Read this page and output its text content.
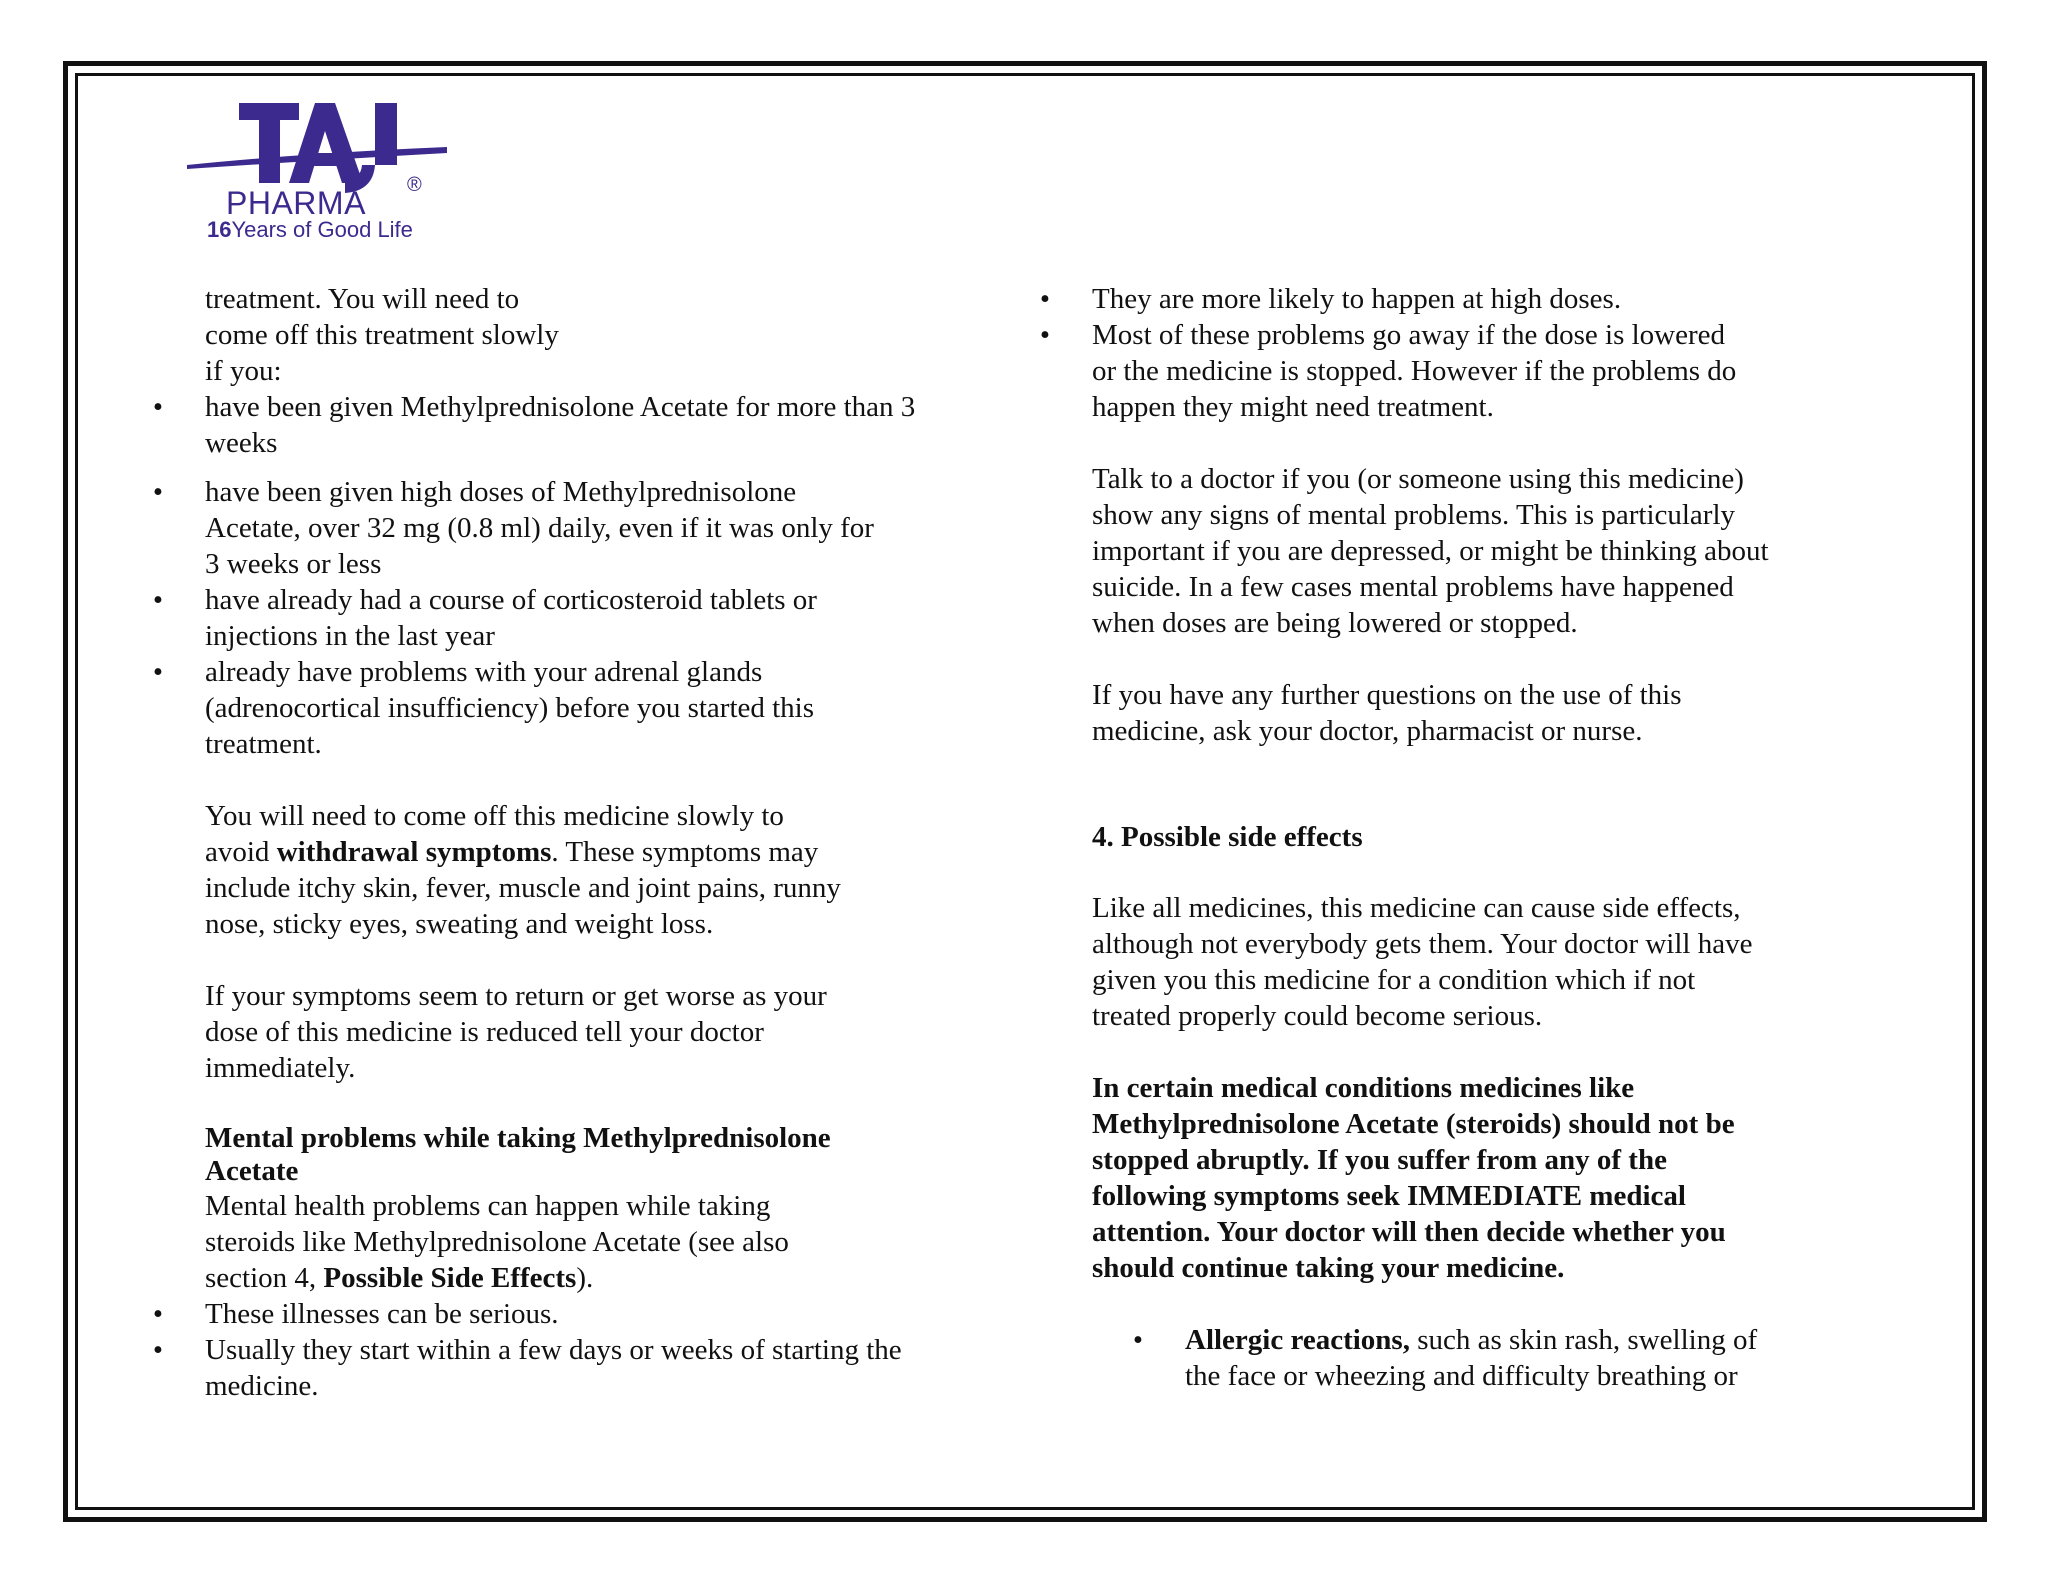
PHARMA ®
16Years of Good Life

treatment. You will need to

come off this treatment slowly

if you:

• have been given Methylprednisolone Acetate for more than 3

weeks

• have been given high doses of Methylprednisolone

Acetate, over 32 mg (0.8 ml) daily, even if it was only for

3 weeks or less

• have already had a course of corticosteroid tablets or

injections in the last year

• already have problems with your adrenal glands

(adrenocortical insufficiency) before you started this

treatment.

You will need to come off this medicine slowly to

avoid withdrawal symptoms. These symptoms may

include itchy skin, fever, muscle and joint pains, runny

nose, sticky eyes, sweating and weight loss.

If your symptoms seem to return or get worse as your

dose of this medicine is reduced tell your doctor

immediately.

Mental problems while taking Methylprednisolone

Acetate

Mental health problems can happen while taking

steroids like Methylprednisolone Acetate (see also

section 4, Possible Side Effects).

• These illnesses can be serious.

• Usually they start within a few days or weeks of starting the

medicine.

• They are more likely to happen at high doses.

• Most of these problems go away if the dose is lowered

or the medicine is stopped. However if the problems do

happen they might need treatment.

Talk to a doctor if you (or someone using this medicine)

show any signs of mental problems. This is particularly

important if you are depressed, or might be thinking about

suicide. In a few cases mental problems have happened

when doses are being lowered or stopped.

If you have any further questions on the use of this

medicine, ask your doctor, pharmacist or nurse.

4. Possible side effects

Like all medicines, this medicine can cause side effects,

although not everybody gets them. Your doctor will have

given you this medicine for a condition which if not

treated properly could become serious.

In certain medical conditions medicines like

Methylprednisolone Acetate (steroids) should not be

stopped abruptly. If you suffer from any of the

following symptoms seek IMMEDIATE medical

attention. Your doctor will then decide whether you

should continue taking your medicine.

• Allergic reactions, such as skin rash, swelling of

the face or wheezing and difficulty breathing or
